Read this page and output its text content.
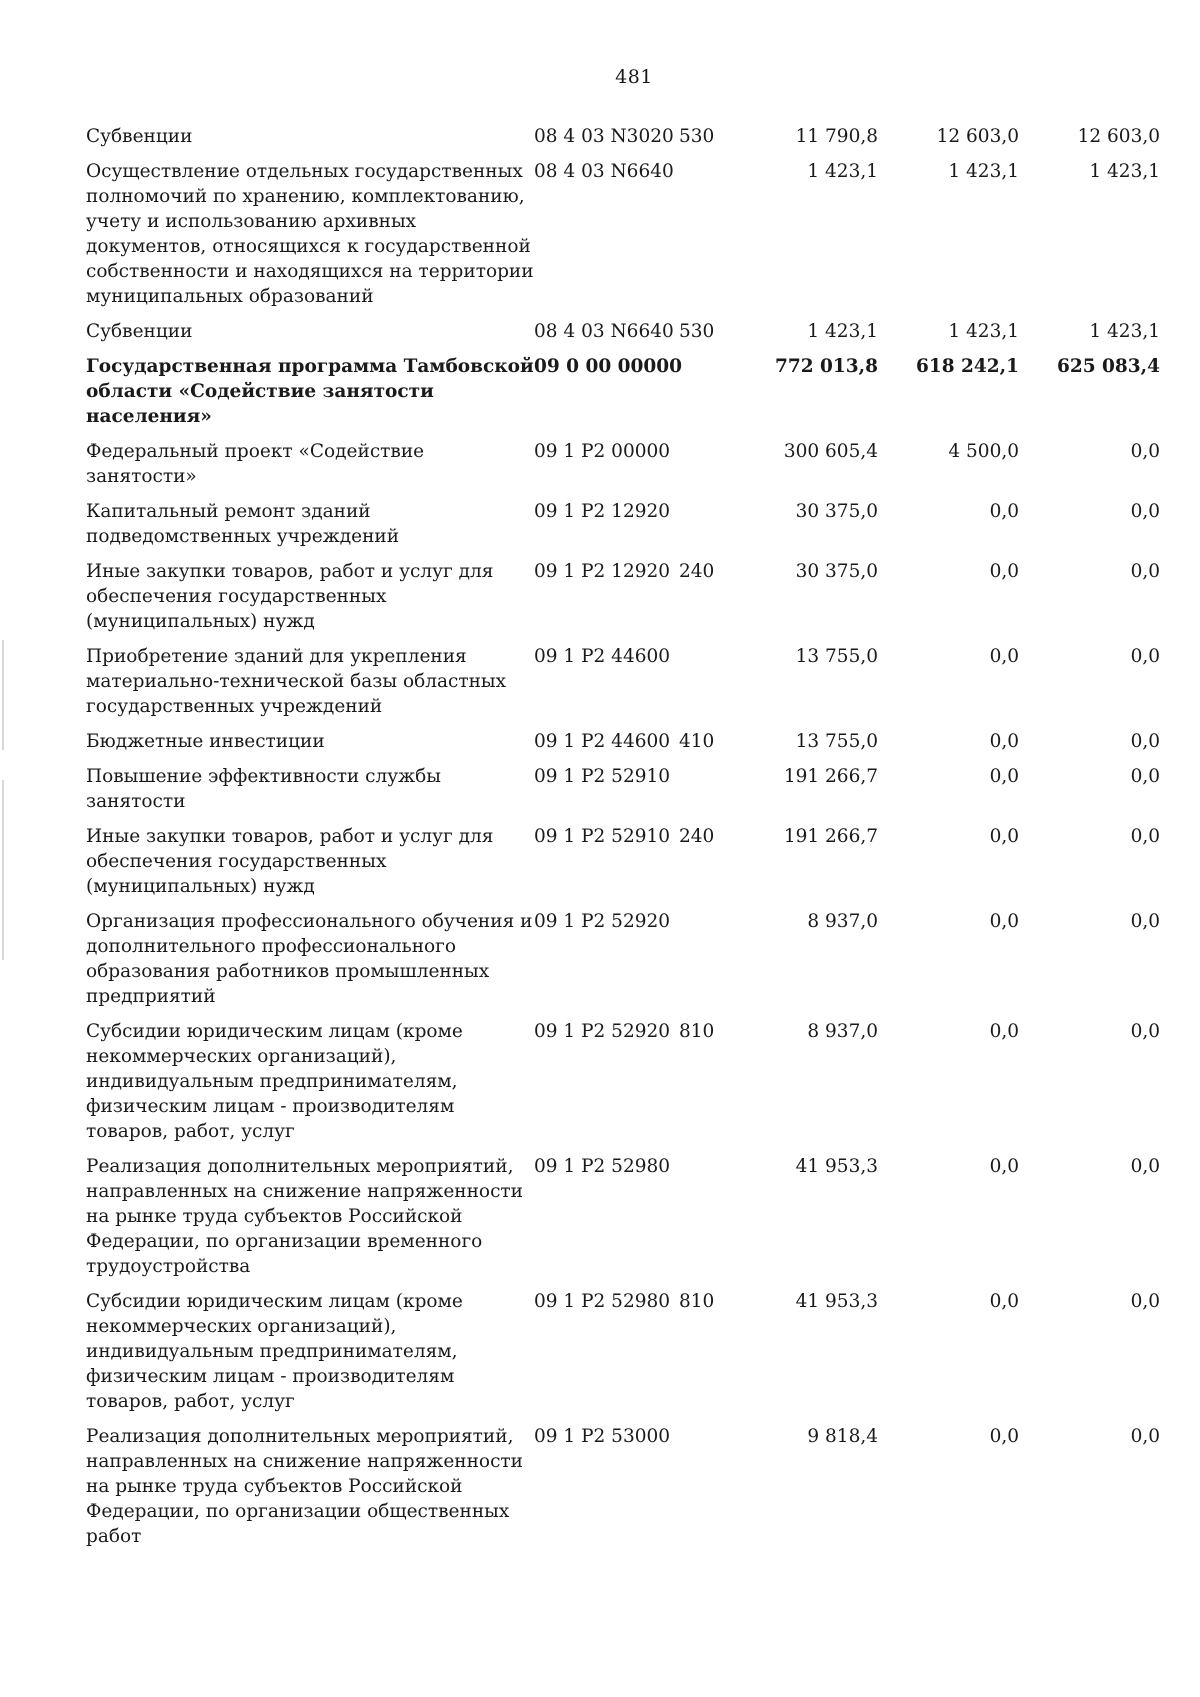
481
Субвенции	08 4 03 N3020	530	11 790,8	12 603,0	12 603,0
Осуществление отдельных государственных полномочий по хранению, комплектованию, учету и использованию архивных документов, относящихся к государственной собственности и находящихся на территории муниципальных образований	08 4 03 N6640		1 423,1	1 423,1	1 423,1
Субвенции	08 4 03 N6640	530	1 423,1	1 423,1	1 423,1
Государственная программа Тамбовской области «Содействие занятости населения»	09 0 00 00000		772 013,8	618 242,1	625 083,4
Федеральный проект «Содействие занятости»	09 1 P2 00000		300 605,4	4 500,0	0,0
Капитальный ремонт зданий подведомственных учреждений	09 1 P2 12920		30 375,0	0,0	0,0
Иные закупки товаров, работ и услуг для обеспечения государственных (муниципальных) нужд	09 1 P2 12920	240	30 375,0	0,0	0,0
Приобретение зданий для укрепления материально-технической базы областных государственных учреждений	09 1 P2 44600		13 755,0	0,0	0,0
Бюджетные инвестиции	09 1 P2 44600	410	13 755,0	0,0	0,0
Повышение эффективности службы занятости	09 1 P2 52910		191 266,7	0,0	0,0
Иные закупки товаров, работ и услуг для обеспечения государственных (муниципальных) нужд	09 1 P2 52910	240	191 266,7	0,0	0,0
Организация профессионального обучения и дополнительного профессионального образования работников промышленных предприятий	09 1 P2 52920		8 937,0	0,0	0,0
Субсидии юридическим лицам (кроме некоммерческих организаций), индивидуальным предпринимателям, физическим лицам - производителям товаров, работ, услуг	09 1 P2 52920	810	8 937,0	0,0	0,0
Реализация дополнительных мероприятий, направленных на снижение напряженности на рынке труда субъектов Российской Федерации, по организации временного трудоустройства	09 1 P2 52980		41 953,3	0,0	0,0
Субсидии юридическим лицам (кроме некоммерческих организаций), индивидуальным предпринимателям, физическим лицам - производителям товаров, работ, услуг	09 1 P2 52980	810	41 953,3	0,0	0,0
Реализация дополнительных мероприятий, направленных на снижение напряженности на рынке труда субъектов Российской Федерации, по организации общественных работ	09 1 P2 53000		9 818,4	0,0	0,0
